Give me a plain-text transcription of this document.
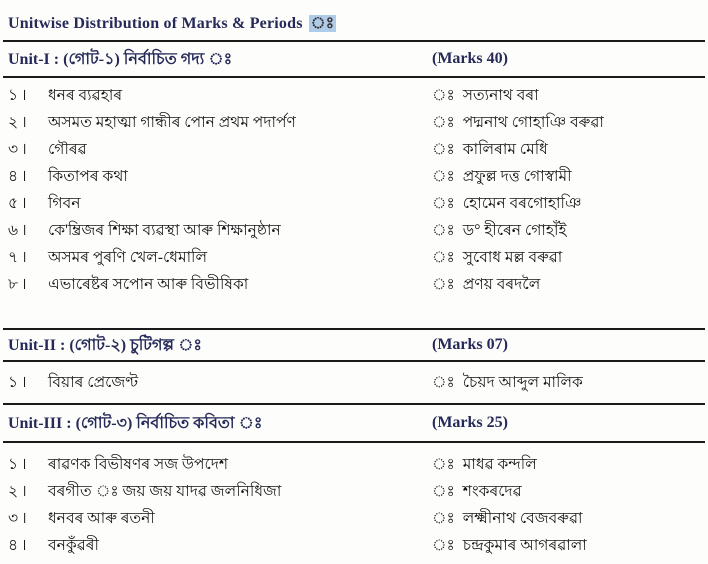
Unitwise Distribution of Marks & Periods ঃ
Unit-I : (গোট-১) নির্বাচিত গদ্য ঃ	(Marks 40)
১।	ধনৰ ব্যৱহাৰ	ঃ সত্যনাথ বৰা
২।	অসমত মহাত্মা গান্ধীৰ পোন প্রথম পদার্পণ	ঃ পদ্মনাথ গোহাঞি বৰুৱা
৩।	গৌৰৱ	ঃ কালিৰাম মেধি
৪।	কিতাপৰ কথা	ঃ প্রফুল্ল দত্ত গোস্বামী
৫।	গিবন	ঃ হোমেন বৰগোহাঞি
৬।	কে'ম্ব্ৰিজৰ শিক্ষা ব্যৱস্থা আৰু শিক্ষানুষ্ঠান	ঃ ড° হীৰেন গোহাঁই
৭।	অসমৰ পুৰণি খেল-ধেমালি	ঃ সুবোধ মল্ল বৰুৱা
৮।	এভাৰেষ্টৰ সপোন আৰু বিভীষিকা	ঃ প্রণয় বৰদলৈ
Unit-II : (গোট-২) চুটিগল্প ঃ	(Marks 07)
১।	বিয়াৰ প্ৰেজেণ্ট	ঃ চৈয়দ আব্দুল মালিক
Unit-III : (গোট-৩) নির্বাচিত কবিতা ঃ	(Marks 25)
১।	ৰাৱণক বিভীষণৰ সজ উপদেশ	ঃ মাধৱ কন্দলি
২।	বৰগীত ঃ জয় জয় যাদৱ জলনিধিজা	ঃ শংকৰদেৱ
৩।	ধনবৰ আৰু ৰতনী	ঃ লক্ষ্মীনাথ বেজবৰুৱা
৪।	বনকুঁৱৰী	ঃ চন্দ্রকুমাৰ আগৰৱালা
